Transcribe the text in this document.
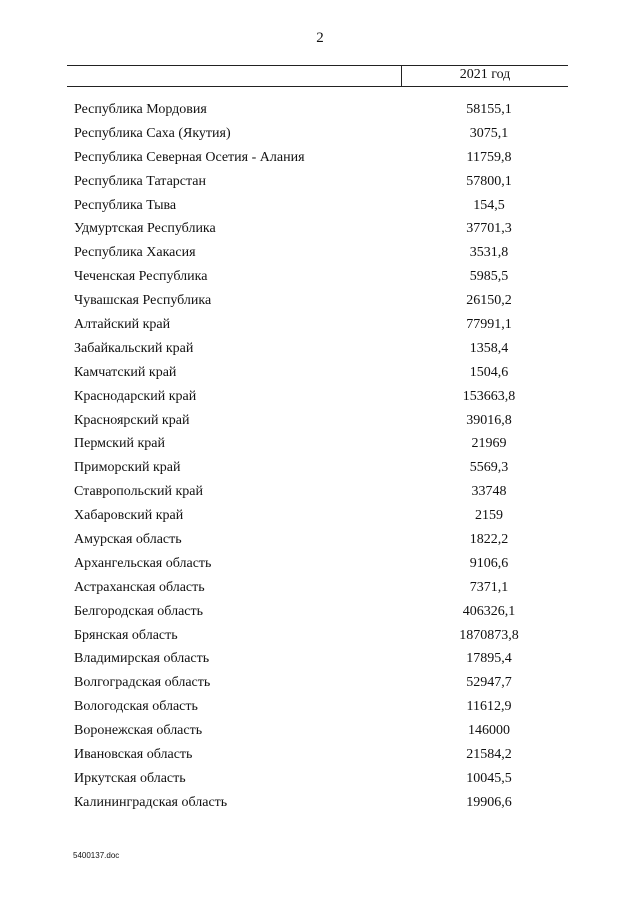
2
2021 год
Республика Мордовия	58155,1
Республика Саха (Якутия)	3075,1
Республика Северная Осетия - Алания	11759,8
Республика Татарстан	57800,1
Республика Тыва	154,5
Удмуртская Республика	37701,3
Республика Хакасия	3531,8
Чеченская Республика	5985,5
Чувашская Республика	26150,2
Алтайский край	77991,1
Забайкальский край	1358,4
Камчатский край	1504,6
Краснодарский край	153663,8
Красноярский край	39016,8
Пермский край	21969
Приморский край	5569,3
Ставропольский край	33748
Хабаровский край	2159
Амурская область	1822,2
Архангельская область	9106,6
Астраханская область	7371,1
Белгородская область	406326,1
Брянская область	1870873,8
Владимирская область	17895,4
Волгоградская область	52947,7
Вологодская область	11612,9
Воронежская область	146000
Ивановская область	21584,2
Иркутская область	10045,5
Калининградская область	19906,6
5400137.doc
